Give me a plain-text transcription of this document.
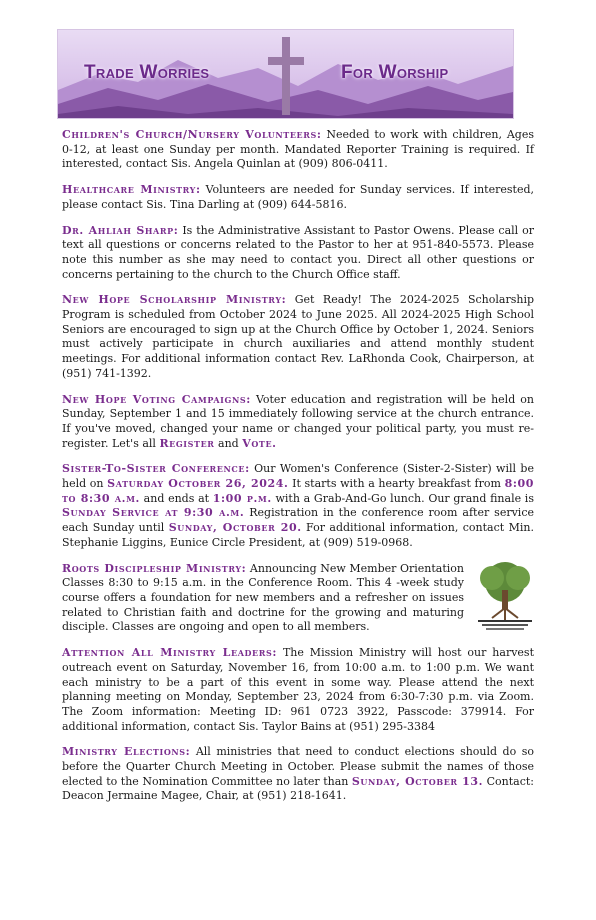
Trade Worries	For Worship

Children's Church/Nursery Volunteers: Needed to work with children, Ages 0-12, at least one Sunday per month. Mandated Reporter Training is required. If interested, contact Sis. Angela Quinlan at (909) 806-0411.

Healthcare Ministry: Volunteers are needed for Sunday services. If interested, please contact Sis. Tina Darling at (909) 644-5816.

Dr. Ahliah Sharp: Is the Administrative Assistant to Pastor Owens. Please call or text all questions or concerns related to the Pastor to her at 951-840-5573. Please note this number as she may need to contact you. Direct all other questions or concerns pertaining to the church to the Church Office staff.

New Hope Scholarship Ministry: Get Ready! The 2024-2025 Scholarship Program is scheduled from October 2024 to June 2025. All 2024-2025 High School Seniors are encouraged to sign up at the Church Office by October 1, 2024. Seniors must actively participate in church auxiliaries and attend monthly student meetings. For additional information contact Rev. LaRhonda Cook, Chairperson, at (951) 741-1392.

New Hope Voting Campaigns: Voter education and registration will be held on Sunday, September 1 and 15 immediately following service at the church entrance. If you've moved, changed your name or changed your political party, you must re-register. Let's all Register and Vote.

Sister-To-Sister Conference: Our Women's Conference (Sister-2-Sister) will be held on Saturday October 26, 2024. It starts with a hearty breakfast from 8:00 to 8:30 a.m. and ends at 1:00 p.m. with a Grab-And-Go lunch. Our grand finale is Sunday Service at 9:30 a.m. Registration in the conference room after service each Sunday until Sunday, October 20. For additional information, contact Min. Stephanie Liggins, Eunice Circle President, at (909) 519-0968.

Roots Discipleship Ministry: Announcing New Member Orientation Classes 8:30 to 9:15 a.m. in the Conference Room. This 4 -week study course offers a foundation for new members and a refresher on issues related to Christian faith and doctrine for the growing and maturing disciple. Classes are ongoing and open to all members.

Attention All Ministry Leaders: The Mission Ministry will host our harvest outreach event on Saturday, November 16, from 10:00 a.m. to 1:00 p.m. We want each ministry to be a part of this event in some way. Please attend the next planning meeting on Monday, September 23, 2024 from 6:30-7:30 p.m. via Zoom. The Zoom information: Meeting ID: 961 0723 3922, Passcode: 379914. For additional information, contact Sis. Taylor Bains at (951) 295-3384

Ministry Elections: All ministries that need to conduct elections should do so before the Quarter Church Meeting in October. Please submit the names of those elected to the Nomination Committee no later than Sunday, October 13. Contact: Deacon Jermaine Magee, Chair, at (951) 218-1641.
